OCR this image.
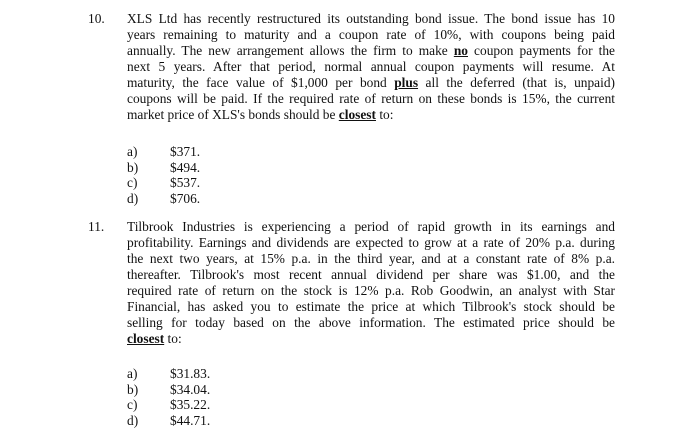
10. XLS Ltd has recently restructured its outstanding bond issue. The bond issue has 10
years remaining to maturity and a coupon rate of 10%, with coupons being paid
annually. The new arrangement allows the firm to make no coupon payments for the
next 5 years. After that period, normal annual coupon payments will resume. At
maturity, the face value of $1,000 per bond plus all the deferred (that is, unpaid)
coupons will be paid. If the required rate of return on these bonds is 15%, the current
market price of XLS's bonds should be closest to:
a)	$371.
b)	$494.
c)	$537.
d)	$706.
11. Tilbrook Industries is experiencing a period of rapid growth in its earnings and
profitability. Earnings and dividends are expected to grow at a rate of 20% p.a. during
the next two years, at 15% p.a. in the third year, and at a constant rate of 8% p.a.
thereafter. Tilbrook's most recent annual dividend per share was $1.00, and the
required rate of return on the stock is 12% p.a. Rob Goodwin, an analyst with Star
Financial, has asked you to estimate the price at which Tilbrook's stock should be
selling for today based on the above information. The estimated price should be
closest to:
a)	$31.83.
b)	$34.04.
c)	$35.22.
d)	$44.71.
